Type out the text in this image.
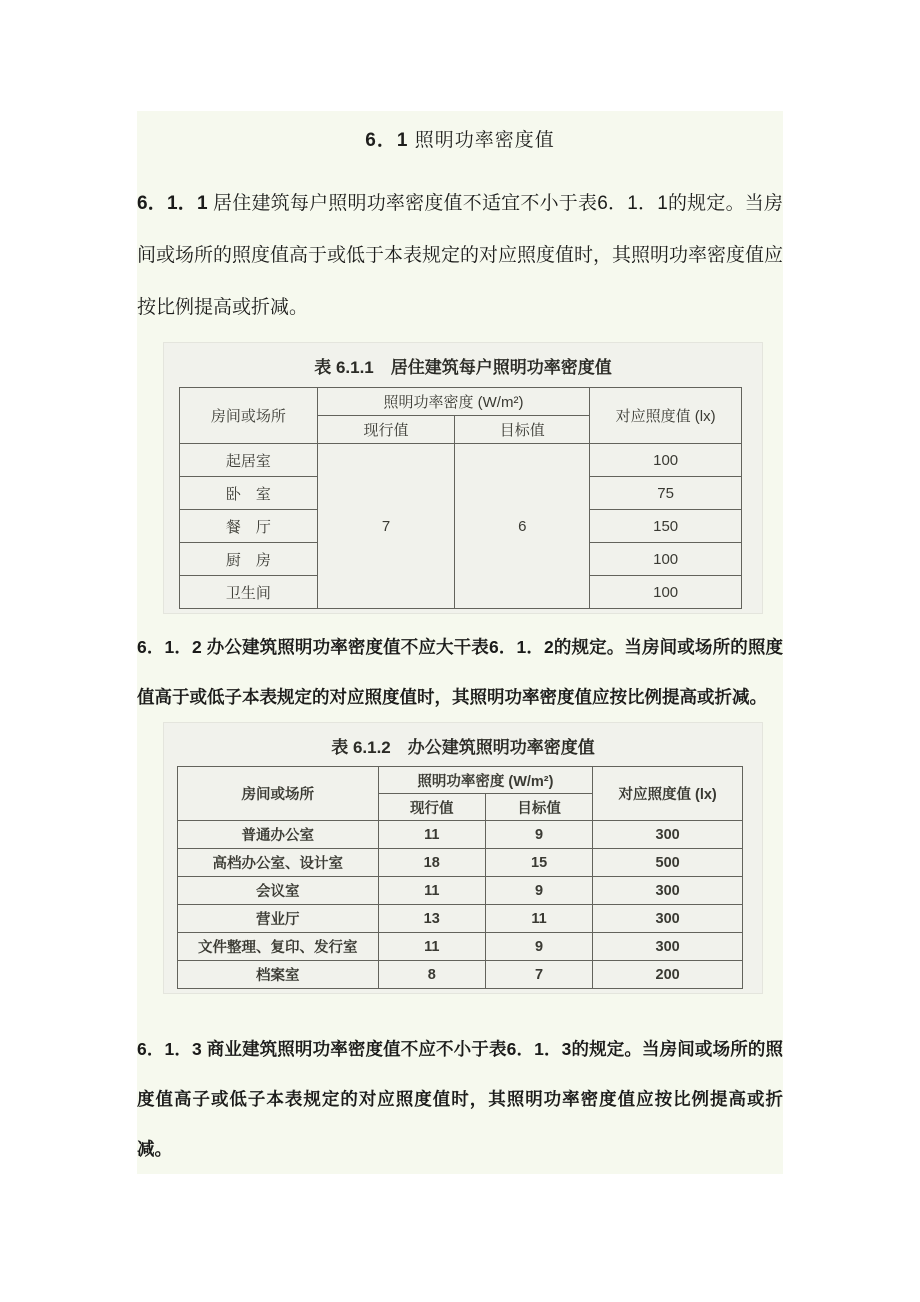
6．1 照明功率密度值

6．1．1 居住建筑每户照明功率密度值不适宜不小于表6．1．1的规定。当房间或场所的照度值高于或低于本表规定的对应照度值时，其照明功率密度值应按比例提高或折减。

表 6.1.1　居住建筑每户照明功率密度值
房间或场所	照明功率密度 (W/m²)		对应照度值 (lx)
	现行值	目标值	
起居室	7	6	100
卧　室			75
餐　厅			150
厨　房			100
卫生间			100

6．1．2 办公建筑照明功率密度值不应大干表6．1．2的规定。当房间或场所的照度值高于或低子本表规定的对应照度值时，其照明功率密度值应按比例提高或折减。

表 6.1.2　办公建筑照明功率密度值
房间或场所	照明功率密度 (W/m²)		对应照度值 (lx)
	现行值	目标值	
普通办公室	11	9	300
高档办公室、设计室	18	15	500
会议室	11	9	300
营业厅	13	11	300
文件整理、复印、发行室	11	9	300
档案室	8	7	200

6．1．3 商业建筑照明功率密度值不应不小于表6．1．3的规定。当房间或场所的照度值高子或低子本表规定的对应照度值时，其照明功率密度值应按比例提高或折减。
